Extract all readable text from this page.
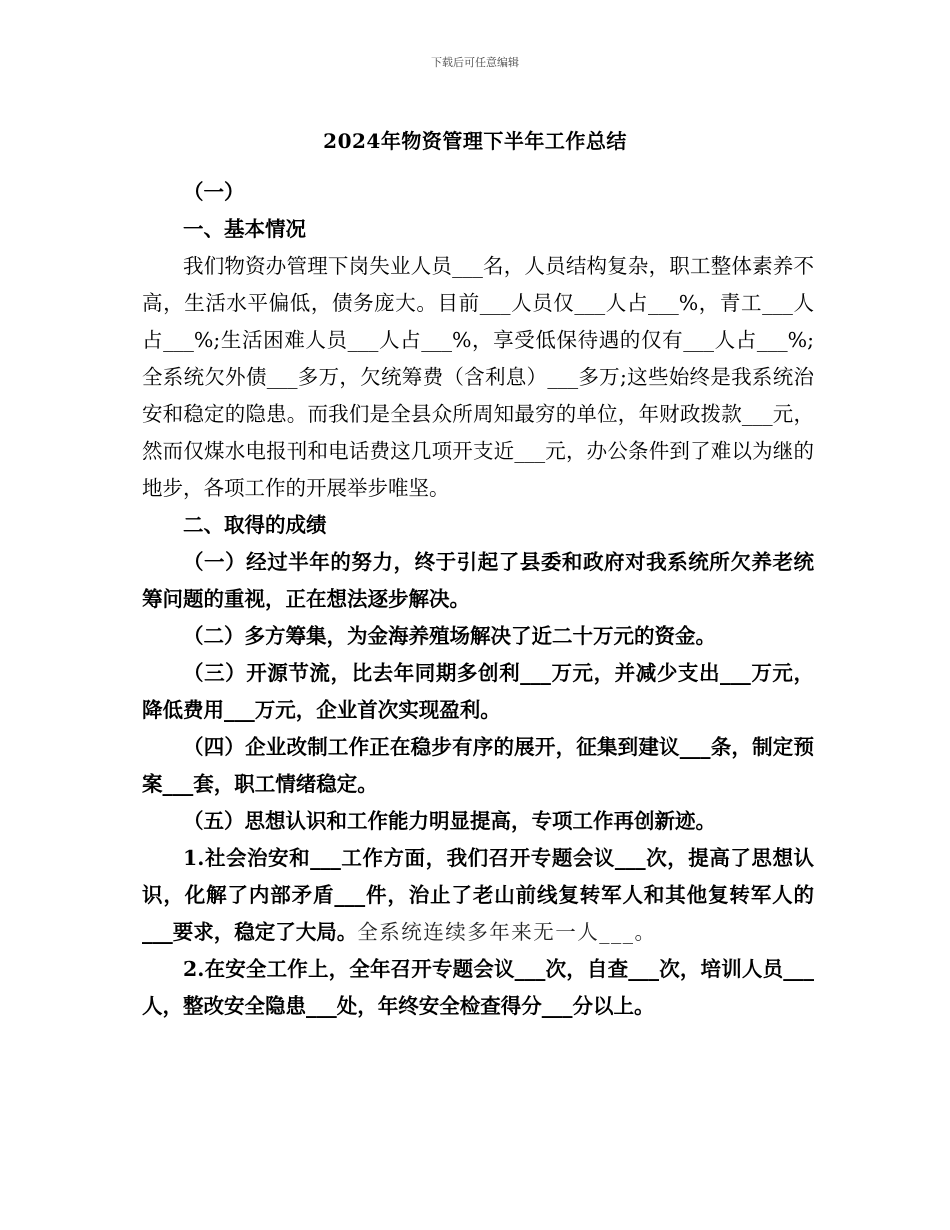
下载后可任意编辑
2024年物资管理下半年工作总结

（一）

一、基本情况

我们物资办管理下岗失业人员___名，人员结构复杂，职工整体素养不高，生活水平偏低，债务庞大。目前___人员仅___人占___%，青工___人占___%;生活困难人员___人占___%，享受低保待遇的仅有___人占___%;全系统欠外债___多万，欠统筹费（含利息）___多万;这些始终是我系统治安和稳定的隐患。而我们是全县众所周知最穷的单位，年财政拨款___元，然而仅煤水电报刊和电话费这几项开支近___元，办公条件到了难以为继的地步，各项工作的开展举步唯坚。

二、取得的成绩

（一）经过半年的努力，终于引起了县委和政府对我系统所欠养老统筹问题的重视，正在想法逐步解决。

（二）多方筹集，为金海养殖场解决了近二十万元的资金。

（三）开源节流，比去年同期多创利___万元，并减少支出___万元，降低费用___万元，企业首次实现盈利。

（四）企业改制工作正在稳步有序的展开，征集到建议___条，制定预案___套，职工情绪稳定。

（五）思想认识和工作能力明显提高，专项工作再创新迹。

1.社会治安和___工作方面，我们召开专题会议___次，提高了思想认识，化解了内部矛盾___件，治止了老山前线复转军人和其他复转军人的___要求，稳定了大局。全系统连续多年来无一人___。

2.在安全工作上，全年召开专题会议___次，自查___次，培训人员___人，整改安全隐患___处，年终安全检查得分___分以上。
